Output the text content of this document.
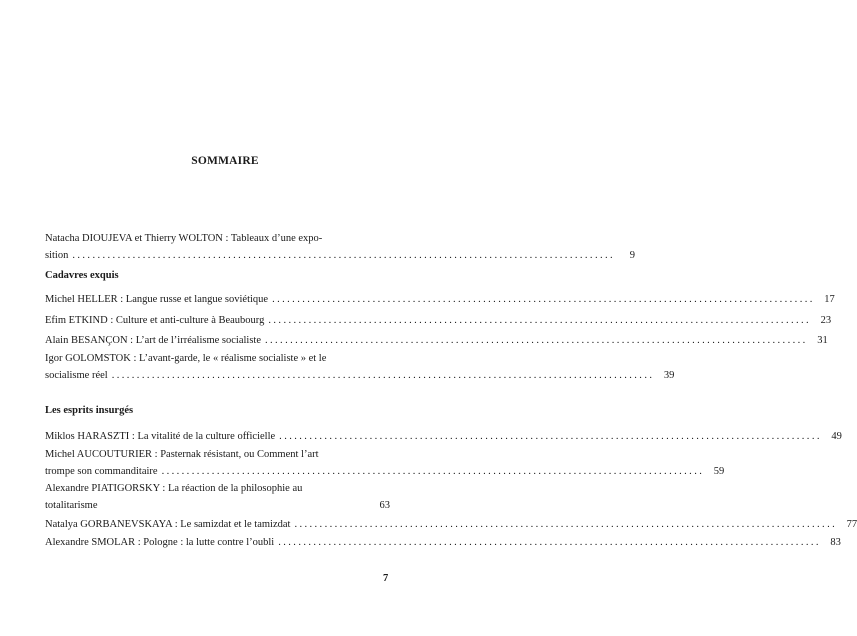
SOMMAIRE
Natacha DIOUJEVA et Thierry WOLTON : Tableaux d’une expo-
sition ............................................................................................................	9
Cadavres exquis
Michel HELLER : Langue russe et langue soviétique ............................................................................................................ 17
Efim ETKIND : Culture et anti-culture à Beaubourg ............................................................................................................ 23
Alain BESANÇON : L’art de l’irréalisme socialiste ............................................................................................................ 31
Igor GOLOMSTOK : L’avant-garde, le « réalisme socialiste » et le
socialisme réel ............................................................................................................ 39
Les esprits insurgés
Miklos HARASZTI : La vitalité de la culture officielle ............................................................................................................ 49
Michel AUCOUTURIER : Pasternak résistant, ou Comment l’art
trompe son commanditaire ............................................................................................................ 59
Alexandre PIATIGORSKY : La réaction de la philosophie au
totalitarisme	63
Natalya GORBANEVSKAYA : Le samizdat et le tamizdat ............................................................................................................ 77
Alexandre SMOLAR : Pologne : la lutte contre l’oubli ............................................................................................................ 83
7
